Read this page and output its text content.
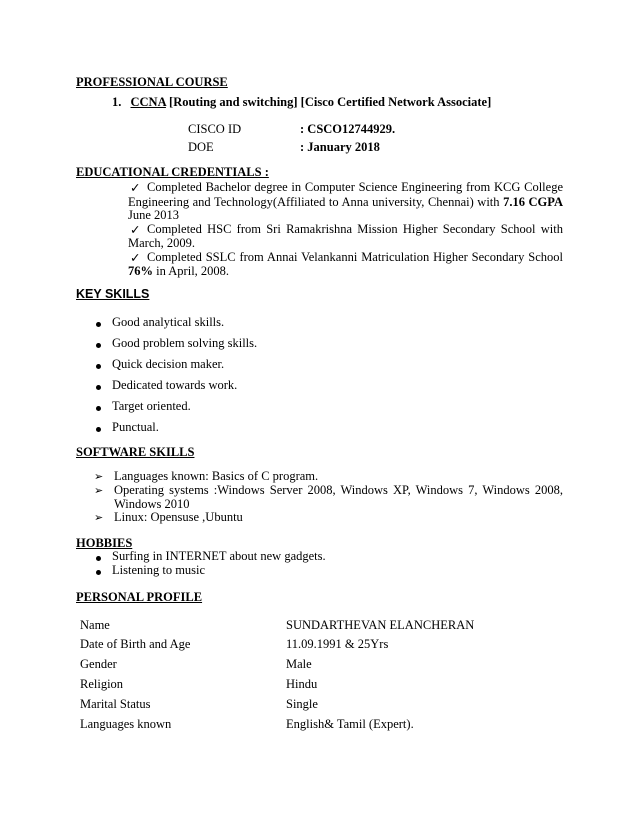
PROFESSIONAL COURSE
1. CCNA [Routing and switching] [Cisco Certified Network Associate]
CISCO ID	: CSCO12744929.
DOE	: January 2018
EDUCATIONAL CREDENTIALS :
✓ Completed Bachelor degree in Computer Science Engineering from KCG College
Engineering and Technology(Affiliated to Anna university, Chennai) with 7.16 CGPA
June 2013
✓ Completed HSC from Sri Ramakrishna Mission Higher Secondary School with
March, 2009.
✓ Completed SSLC from Annai Velankanni Matriculation Higher Secondary School
76% in April, 2008.
KEY SKILLS
Good analytical skills.
Good problem solving skills.
Quick decision maker.
Dedicated towards work.
Target oriented.
Punctual.
SOFTWARE SKILLS
➢ Languages known: Basics of C program.
➢ Operating systems :Windows Server 2008, Windows XP, Windows 7, Windows 2008,
Windows 2010
➢ Linux: Opensuse ,Ubuntu
HOBBIES
Surfing in INTERNET about new gadgets.
Listening to music
PERSONAL PROFILE
Name	SUNDARTHEVAN ELANCHERAN
Date of Birth and Age	11.09.1991 & 25Yrs
Gender	Male
Religion	Hindu
Marital Status	Single
Languages known	English& Tamil (Expert).
